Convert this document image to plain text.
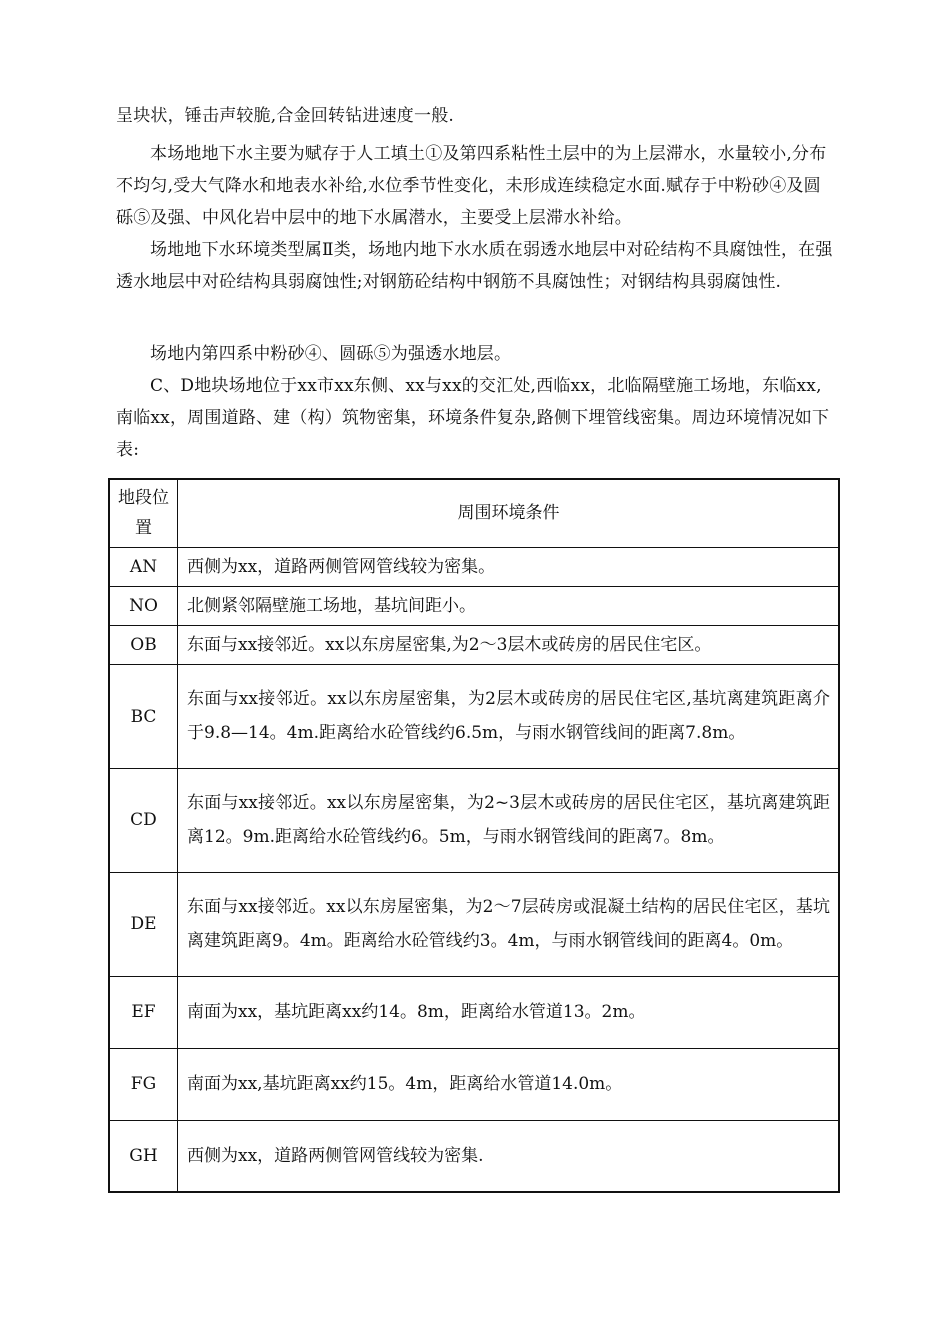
呈块状，锤击声较脆,合金回转钻进速度一般.

本场地地下水主要为赋存于人工填土①及第四系粘性土层中的为上层滞水，水量较小,分布不均匀,受大气降水和地表水补给,水位季节性变化，未形成连续稳定水面.赋存于中粉砂④及圆砾⑤及强、中风化岩中层中的地下水属潜水，主要受上层滞水补给。

场地地下水环境类型属Ⅱ类，场地内地下水水质在弱透水地层中对砼结构不具腐蚀性，在强透水地层中对砼结构具弱腐蚀性;对钢筋砼结构中钢筋不具腐蚀性；对钢结构具弱腐蚀性.

场地内第四系中粉砂④、圆砾⑤为强透水地层。

C、D地块场地位于xx市xx东侧、xx与xx的交汇处,西临xx，北临隔壁施工场地，东临xx,南临xx，周围道路、建（构）筑物密集，环境条件复杂,路侧下埋管线密集。周边环境情况如下表:

地段位置	周围环境条件
AN	西侧为xx，道路两侧管网管线较为密集。
NO	北侧紧邻隔壁施工场地，基坑间距小。
OB	东面与xx接邻近。xx以东房屋密集,为2～3层木或砖房的居民住宅区。
BC	东面与xx接邻近。xx以东房屋密集，为2层木或砖房的居民住宅区,基坑离建筑距离介于9.8—14。4m.距离给水砼管线约6.5m，与雨水钢管线间的距离7.8m。
CD	东面与xx接邻近。xx以东房屋密集，为2~3层木或砖房的居民住宅区，基坑离建筑距离12。9m.距离给水砼管线约6。5m，与雨水钢管线间的距离7。8m。
DE	东面与xx接邻近。xx以东房屋密集，为2～7层砖房或混凝土结构的居民住宅区，基坑离建筑距离9。4m。距离给水砼管线约3。4m，与雨水钢管线间的距离4。0m。
EF	南面为xx，基坑距离xx约14。8m，距离给水管道13。2m。
FG	南面为xx,基坑距离xx约15。4m，距离给水管道14.0m。
GH	西侧为xx，道路两侧管网管线较为密集.
